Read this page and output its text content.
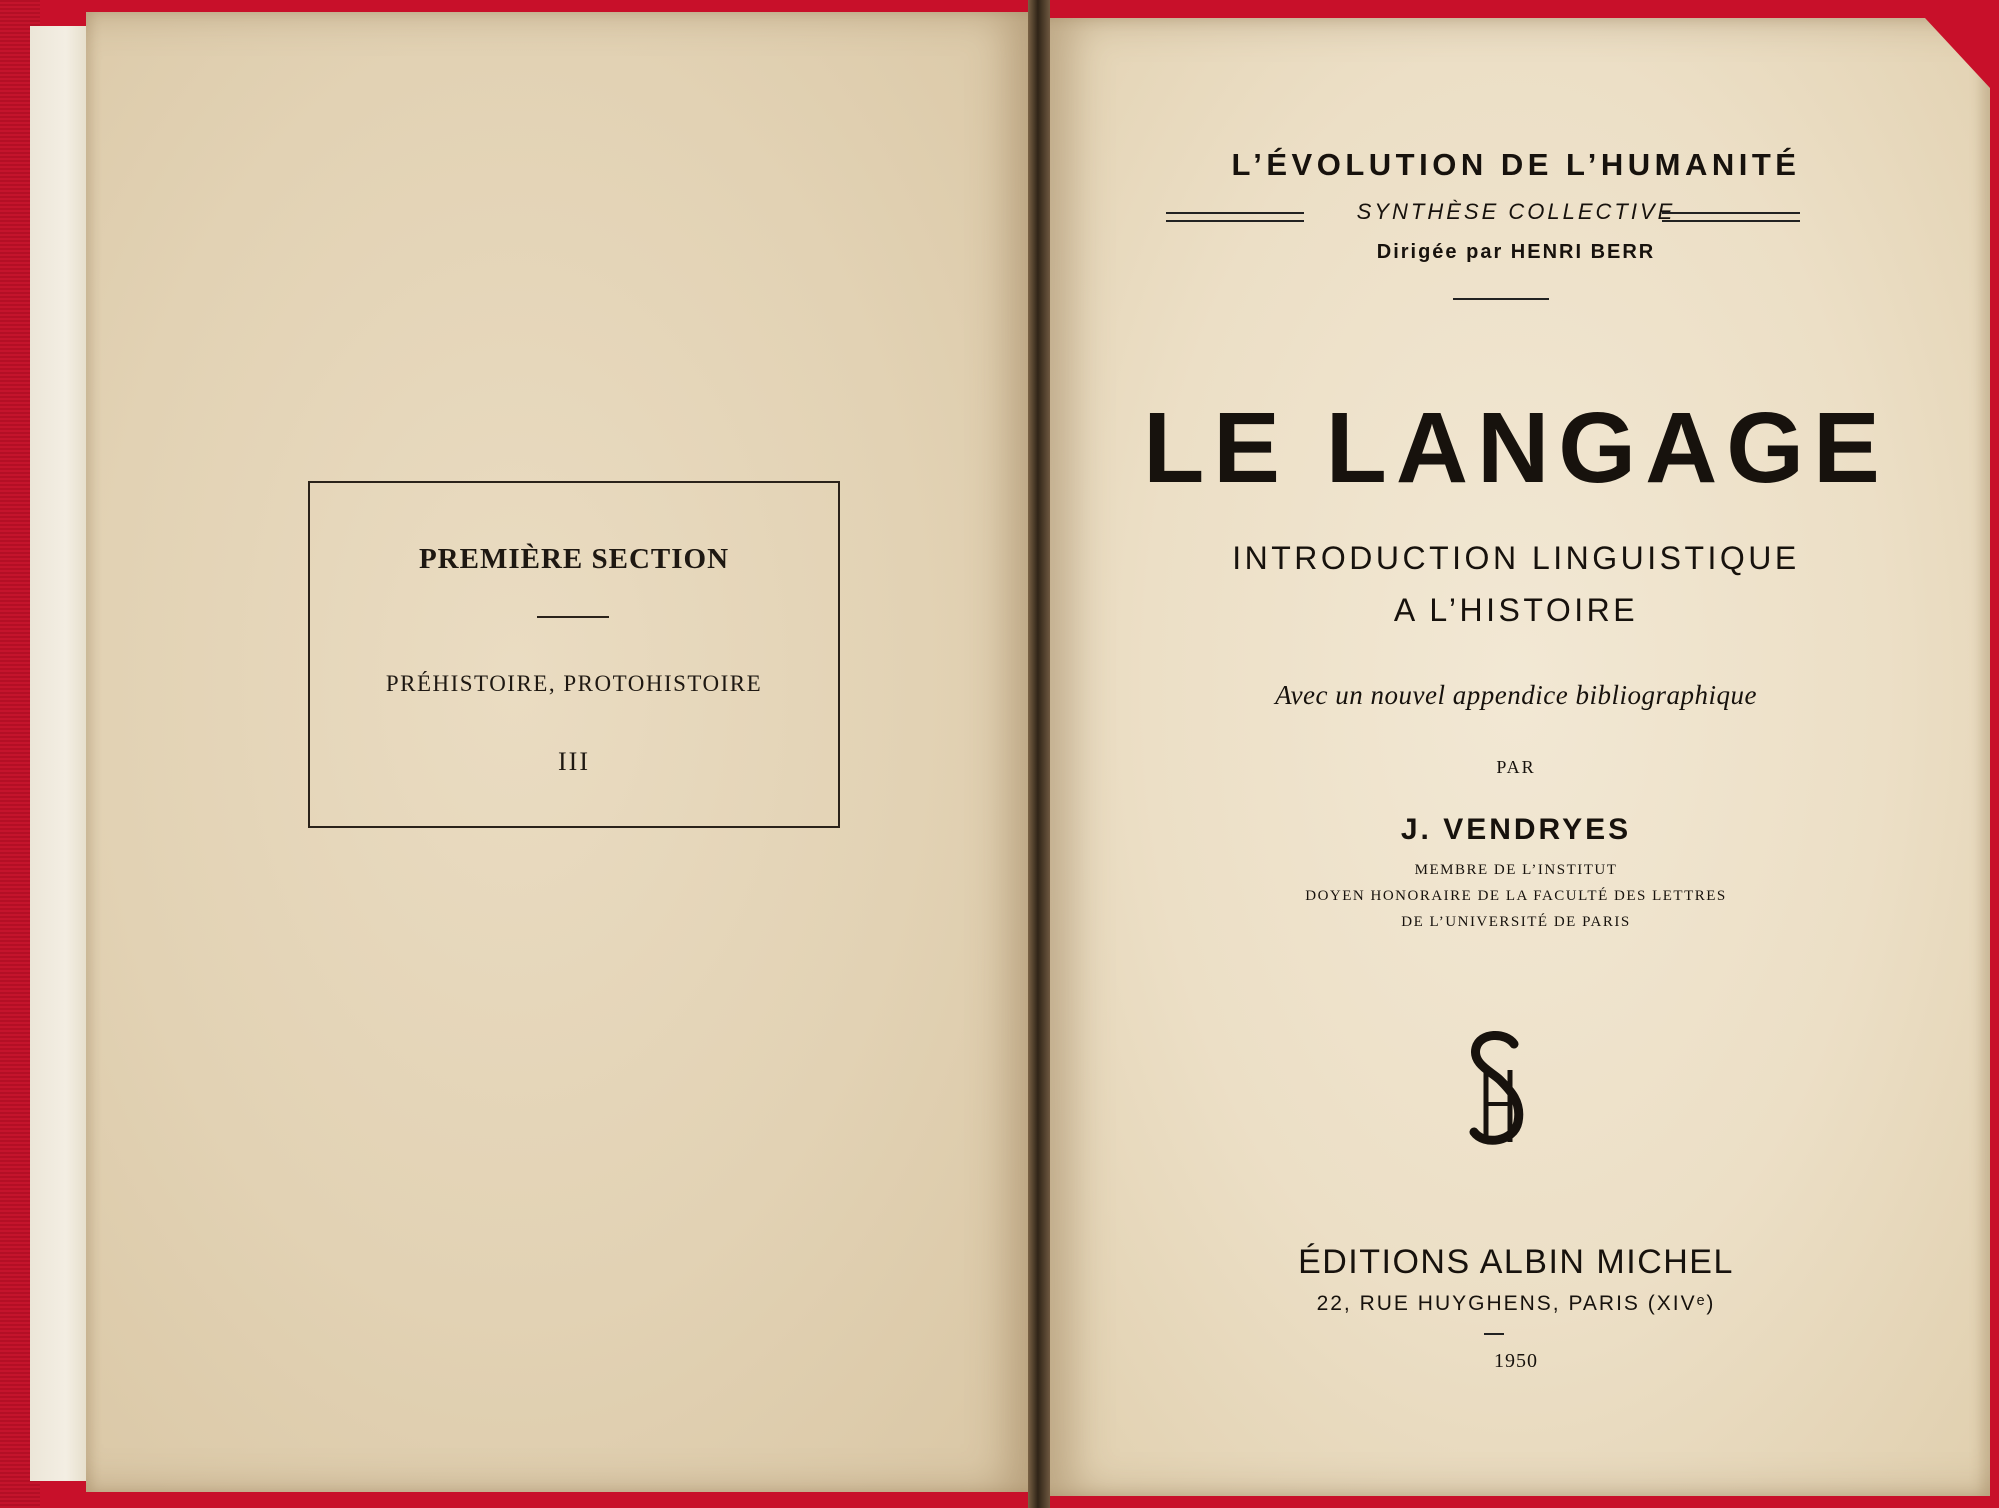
PREMIÈRE SECTION
PRÉHISTOIRE, PROTOHISTOIRE
III
L’ÉVOLUTION DE L’HUMANITÉ
SYNTHÈSE COLLECTIVE
Dirigée par HENRI BERR
LE LANGAGE
INTRODUCTION LINGUISTIQUE
A L’HISTOIRE
Avec un nouvel appendice bibliographique
PAR
J. VENDRYES
MEMBRE DE L’INSTITUT
DOYEN HONORAIRE DE LA FACULTÉ DES LETTRES
DE L’UNIVERSITÉ DE PARIS
ÉDITIONS ALBIN MICHEL
22, RUE HUYGHENS, PARIS (XIVᵉ)
1950
